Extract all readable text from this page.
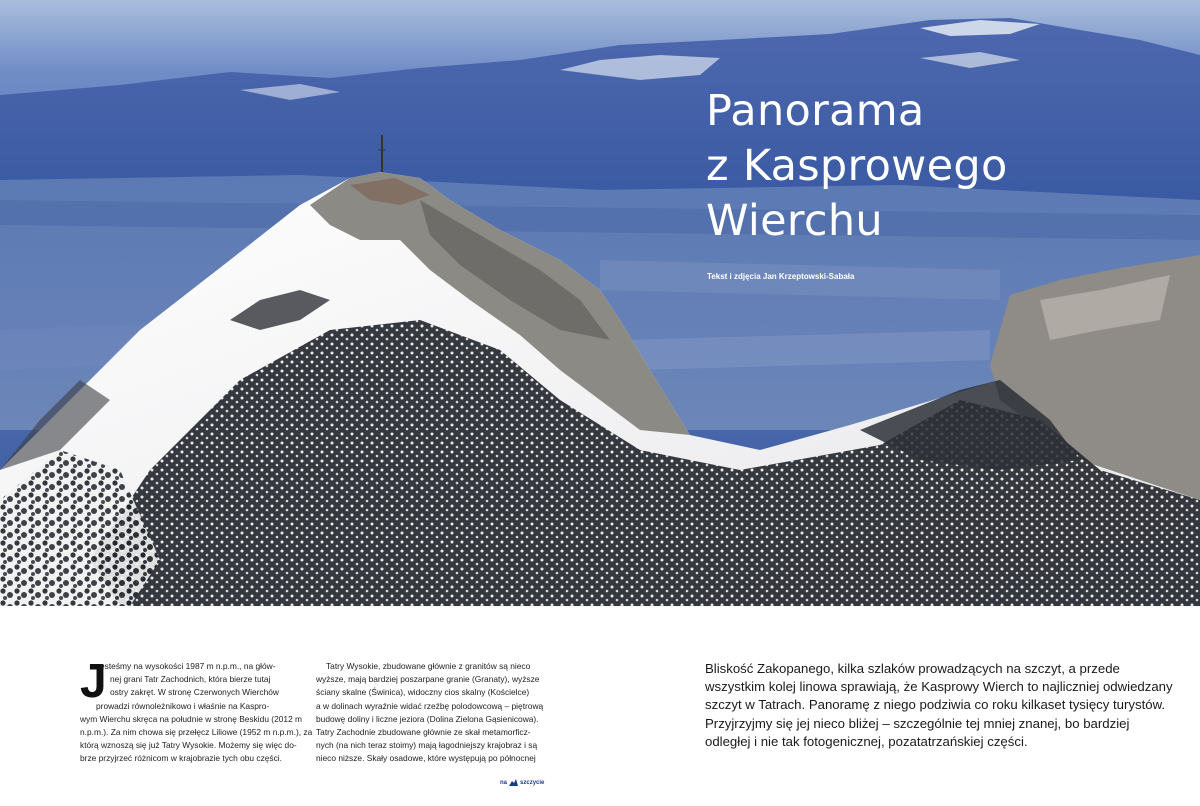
Panorama
z Kasprowego
Wierchu
Tekst i zdjęcia Jan Krzeptowski-Sabała
J
esteśmy na wysokości 1987 m n.p.m., na głów-
nej grani Tatr Zachodnich, która bierze tutaj
ostry zakręt. W stronę Czerwonych Wierchów
prowadzi równoleżnikowo i właśnie na Kaspro-
wym Wierchu skręca na południe w stronę Beskidu (2012 m
n.p.m.). Za nim chowa się przełęcz Liliowe (1952 m n.p.m.), za
którą wznoszą się już Tatry Wysokie. Możemy się więc do-
brze przyjrzeć różnicom w krajobrazie tych obu części.
Tatry Wysokie, zbudowane głównie z granitów są nieco
wyższe, mają bardziej poszarpane granie (Granaty), wyższe
ściany skalne (Świnica), widoczny cios skalny (Kościelce)
a w dolinach wyraźnie widać rzeźbę polodowcową – piętrową
budowę doliny i liczne jeziora (Dolina Zielona Gąsienicowa).
Tatry Zachodnie zbudowane głównie ze skał metamorficz-
nych (na nich teraz stoimy) mają łagodniejszy krajobraz i są
nieco niższe. Skały osadowe, które występują po północnej
Bliskość Zakopanego, kilka szlaków prowadzących na szczyt, a przede
wszystkim kolej linowa sprawiają, że Kasprowy Wierch to najliczniej odwiedzany
szczyt w Tatrach. Panoramę z niego podziwia co roku kilkaset tysięcy turystów.
Przyjrzyjmy się jej nieco bliżej – szczególnie tej mniej znanej, bo bardziej
odległej i nie tak fotogenicznej, pozatatrzańskiej części.
na szczycie
